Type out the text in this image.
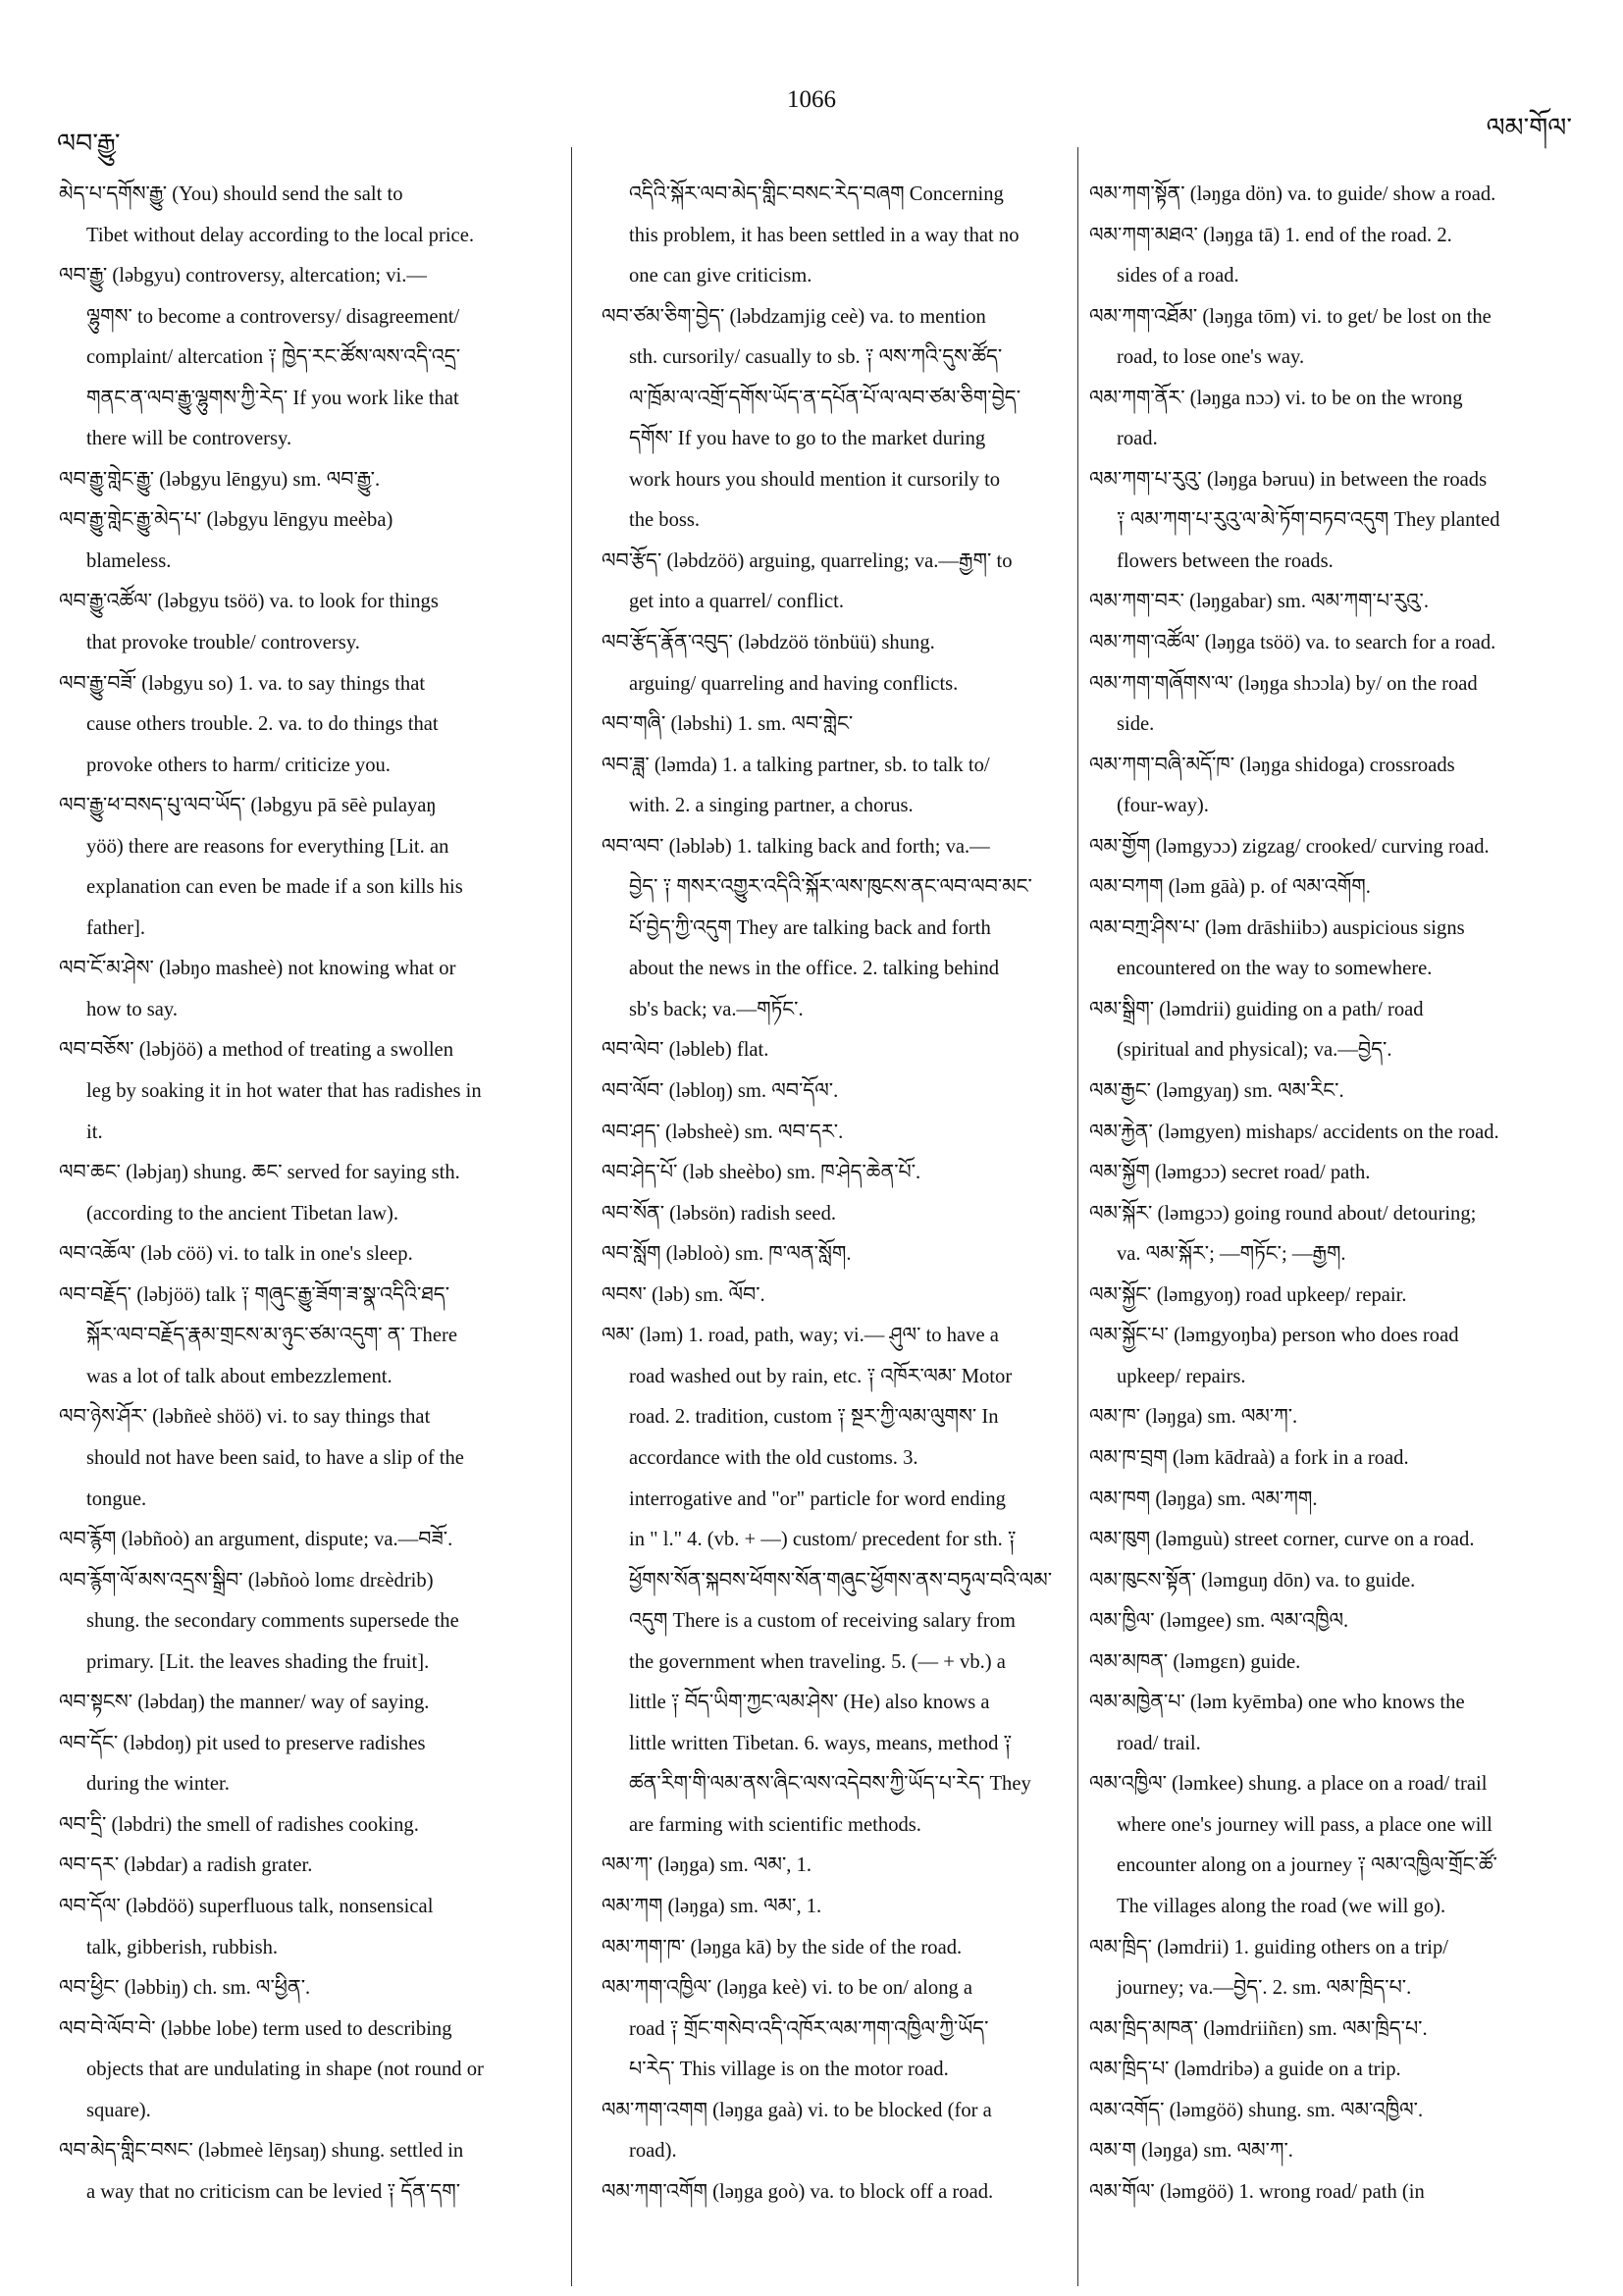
1066
ལབ་རྒྱུ་
ལམ་གོལ་
མེད་པ་དགོས་རྒྱུ་ (You) should send the salt to
Tibet without delay according to the local price.
ལབ་རྒྱུ་ (ləbgyu) controversy, altercation; vi.—
ལྷུགས་ to become a controversy/ disagreement/
complaint/ altercation ༑ ཁྱེད་རང་ཚོས་ལས་འདི་འདྲ་
གནང་ན་ལབ་རྒྱུ་ལྷུགས་ཀྱི་རེད་ If you work like that
there will be controversy.
ལབ་རྒྱུ་གླེང་རྒྱུ་ (ləbgyu lēngyu) sm. ལབ་རྒྱུ་.
ལབ་རྒྱུ་གླེང་རྒྱུ་མེད་པ་ (ləbgyu lēngyu meèba)
blameless.
ལབ་རྒྱུ་འཚོལ་ (ləbgyu tsöö) va. to look for things
that provoke trouble/ controversy.
ལབ་རྒྱུ་བཟོ་ (ləbgyu so) 1. va. to say things that
cause others trouble. 2. va. to do things that
provoke others to harm/ criticize you.
ལབ་རྒྱུ་ཕ་བསད་པུ་ལབ་ཡོད་ (ləbgyu pā sēè pulayaŋ
yöö) there are reasons for everything [Lit. an
explanation can even be made if a son kills his
father].
ལབ་ངོ་མ་ཤེས་ (ləbŋo masheè) not knowing what or
how to say.
ལབ་བཅོས་ (ləbjöö) a method of treating a swollen
leg by soaking it in hot water that has radishes in
it.
ལབ་ཆང་ (ləbjaŋ) shung. ཆང་ served for saying sth.
(according to the ancient Tibetan law).
ལབ་འཆོལ་ (ləb cöö) vi. to talk in one's sleep.
ལབ་བརྗོད་ (ləbjöö) talk ༑ གཞུང་རྒྱུ་ཟོག་ཟ་སྣ་འདིའི་ཐད་
སྐོར་ལབ་བརྗོད་རྣམ་གྲངས་མ་ཉུང་ཙམ་འདུག་ ན་ There
was a lot of talk about embezzlement.
ལབ་ཉེས་ཤོར་ (ləbñeè shöö) vi. to say things that
should not have been said, to have a slip of the
tongue.
ལབ་རྙོག (ləbñoò) an argument, dispute; va.—བཟོ་.
ལབ་རྙོག་ལོ་མས་འདྲས་སྒྲིབ་ (ləbñoò lomɛ drɛèdrib)
shung. the secondary comments supersede the
primary. [Lit. the leaves shading the fruit].
ལབ་སྟངས་ (ləbdaŋ) the manner/ way of saying.
ལབ་དོང་ (ləbdoŋ) pit used to preserve radishes
during the winter.
ལབ་དྲི་ (ləbdri) the smell of radishes cooking.
ལབ་དར་ (ləbdar) a radish grater.
ལབ་དོལ་ (ləbdöö) superfluous talk, nonsensical
talk, gibberish, rubbish.
ལབ་ཕྱིང་ (ləbbiŋ) ch. sm. ལ་ཕྱིན་.
ལབ་བེ་ལོབ་བེ་ (ləbbe lobe) term used to describing
objects that are undulating in shape (not round or
square).
ལབ་མེད་གླིང་བསང་ (ləbmeè lēŋsaŋ) shung. settled in
a way that no criticism can be levied ༑ དོན་དག་
འདིའི་སྐོར་ལབ་མེད་གླིང་བསང་རེད་བཞག Concerning
this problem, it has been settled in a way that no
one can give criticism.
ལབ་ཙམ་ཅིག་བྱེད་ (ləbdzamjig ceè) va. to mention
sth. cursorily/ casually to sb. ༑ ལས་ཀའི་དུས་ཚོད་
ལ་ཁྲོམ་ལ་འགྲོ་དགོས་ཡོད་ན་དཔོན་པོ་ལ་ལབ་ཙམ་ཅིག་བྱེད་
དགོས་ If you have to go to the market during
work hours you should mention it cursorily to
the boss.
ལབ་རྩོད་ (ləbdzöö) arguing, quarreling; va.—རྒྱག་ to
get into a quarrel/ conflict.
ལབ་རྩོད་རྣོན་འབུད་ (ləbdzöö tönbüü) shung.
arguing/ quarreling and having conflicts.
ལབ་གཞི་ (ləbshi) 1. sm. ལབ་གླེང་
ལབ་ཟླ་ (ləmda) 1. a talking partner, sb. to talk to/
with. 2. a singing partner, a chorus.
ལབ་ལབ་ (ləbləb) 1. talking back and forth; va.—
བྱེད་ ༑ གསར་འགྱུར་འདིའི་སྐོར་ལས་ཁུངས་ནང་ལབ་ལབ་མང་
པོ་བྱེད་ཀྱི་འདུག They are talking back and forth
about the news in the office. 2. talking behind
sb's back; va.—གཏོང་.
ལབ་ལེབ་ (ləbleb) flat.
ལབ་ལོབ་ (ləbloŋ) sm. ལབ་དོལ་.
ལབ་ཤད་ (ləbsheè) sm. ལབ་དར་.
ལབ་ཤེད་པོ་ (ləb sheèbo) sm. ཁ་ཤེད་ཆེན་པོ་.
ལབ་སོན་ (ləbsön) radish seed.
ལབ་སློག (ləbloò) sm. ཁ་ལན་སློག.
ལབས་ (ləb) sm. ལོབ་.
ལམ་ (ləm) 1. road, path, way; vi.— ཤུལ་ to have a
road washed out by rain, etc. ༑ འཁོར་ལམ་ Motor
road. 2. tradition, custom ༑ སྔར་ཀྱི་ལམ་ལུགས་ In
accordance with the old customs. 3.
interrogative and "or" particle for word ending
in " l." 4. (vb. + —) custom/ precedent for sth. ༑
ཕྱོགས་སོན་སྐབས་ཕོགས་སོན་གཞུང་ཕྱོགས་ནས་བཏུལ་བའི་ལམ་
འདུག There is a custom of receiving salary from
the government when traveling. 5. (— + vb.) a
little ༑ བོད་ཡིག་ཀྱང་ལམ་ཤེས་ (He) also knows a
little written Tibetan. 6. ways, means, method ༑
ཚན་རིག་གི་ལམ་ནས་ཞིང་ལས་འདེབས་ཀྱི་ཡོད་པ་རེད་ They
are farming with scientific methods.
ལམ་ཀ་ (ləŋga) sm. ལམ་, 1.
ལམ་ཀག (ləŋga) sm. ལམ་, 1.
ལམ་ཀག་ཁ་ (ləŋga kā) by the side of the road.
ལམ་ཀག་འཁྱིལ་ (ləŋga keè) vi. to be on/ along a
road ༑ གྲོང་གསེབ་འདི་འཁོར་ལམ་ཀག་འཁྱིལ་ཀྱི་ཡོད་
པ་རེད་ This village is on the motor road.
ལམ་ཀག་འགག (ləŋga gaà) vi. to be blocked (for a
road).
ལམ་ཀག་འགོག (ləŋga goò) va. to block off a road.
ལམ་ཀག་སྟོན་ (ləŋga dön) va. to guide/ show a road.
ལམ་ཀག་མཐའ་ (ləŋga tā) 1. end of the road. 2.
sides of a road.
ལམ་ཀག་འཐོམ་ (ləŋga tōm) vi. to get/ be lost on the
road, to lose one's way.
ལམ་ཀག་ནོར་ (ləŋga nɔɔ) vi. to be on the wrong
road.
ལམ་ཀག་པ་རུའུ་ (ləŋga bəruu) in between the roads
༑ ལམ་ཀག་པ་རུའུ་ལ་མེ་ཏོག་བཏབ་འདུག They planted
flowers between the roads.
ལམ་ཀག་བར་ (ləŋgabar) sm. ལམ་ཀག་པ་རུའུ་.
ལམ་ཀག་འཚོལ་ (ləŋga tsöö) va. to search for a road.
ལམ་ཀག་གཞོགས་ལ་ (ləŋga shɔɔla) by/ on the road
side.
ལམ་ཀག་བཞི་མདོ་ཁ་ (ləŋga shidoga) crossroads
(four-way).
ལམ་གྱོག (ləmgyɔɔ) zigzag/ crooked/ curving road.
ལམ་བཀག (ləm gāà) p. of ལམ་འགོག.
ལམ་བཀྲ་ཤིས་པ་ (ləm drāshiibɔ) auspicious signs
encountered on the way to somewhere.
ལམ་སྒྲིག་ (ləmdrii) guiding on a path/ road
(spiritual and physical); va.—བྱེད་.
ལམ་རྒྱང་ (ləmgyaŋ) sm. ལམ་རིང་.
ལམ་རྐྱེན་ (ləmgyen) mishaps/ accidents on the road.
ལམ་སྐྱོག (ləmgɔɔ) secret road/ path.
ལམ་སྐོར་ (ləmgɔɔ) going round about/ detouring;
va. ལམ་སྐོར་; —གཏོང་; —རྒྱག.
ལམ་སྐྱོང་ (ləmgyoŋ) road upkeep/ repair.
ལམ་སྐྱོང་པ་ (ləmgyoŋba) person who does road
upkeep/ repairs.
ལམ་ཁ་ (ləŋga) sm. ལམ་ཀ་.
ལམ་ཁ་བྲག (ləm kādraà) a fork in a road.
ལམ་ཁག (ləŋga) sm. ལམ་ཀག.
ལམ་ཁུག (ləmguù) street corner, curve on a road.
ལམ་ཁུངས་སྟོན་ (ləmguŋ dōn) va. to guide.
ལམ་ཁྱིལ་ (ləmgee) sm. ལམ་འཁྱིལ.
ལམ་མཁན་ (ləmgɛn) guide.
ལམ་མཁྱེན་པ་ (ləm kyēmba) one who knows the
road/ trail.
ལམ་འཁྱིལ་ (ləmkee) shung. a place on a road/ trail
where one's journey will pass, a place one will
encounter along on a journey ༑ ལམ་འཁྱིལ་གྲོང་ཚོ་
The villages along the road (we will go).
ལམ་ཁྲིད་ (ləmdrii) 1. guiding others on a trip/
journey; va.—བྱེད་. 2. sm. ལམ་ཁྲིད་པ་.
ལམ་ཁྲིད་མཁན་ (ləmdriiñɛn) sm. ལམ་ཁྲིད་པ་.
ལམ་ཁྲིད་པ་ (ləmdribə) a guide on a trip.
ལམ་འགོད་ (ləmgöö) shung. sm. ལམ་འཁྱིལ་.
ལམ་ག (ləŋga) sm. ལམ་ཀ་.
ལམ་གོལ་ (ləmgöö) 1. wrong road/ path (in
